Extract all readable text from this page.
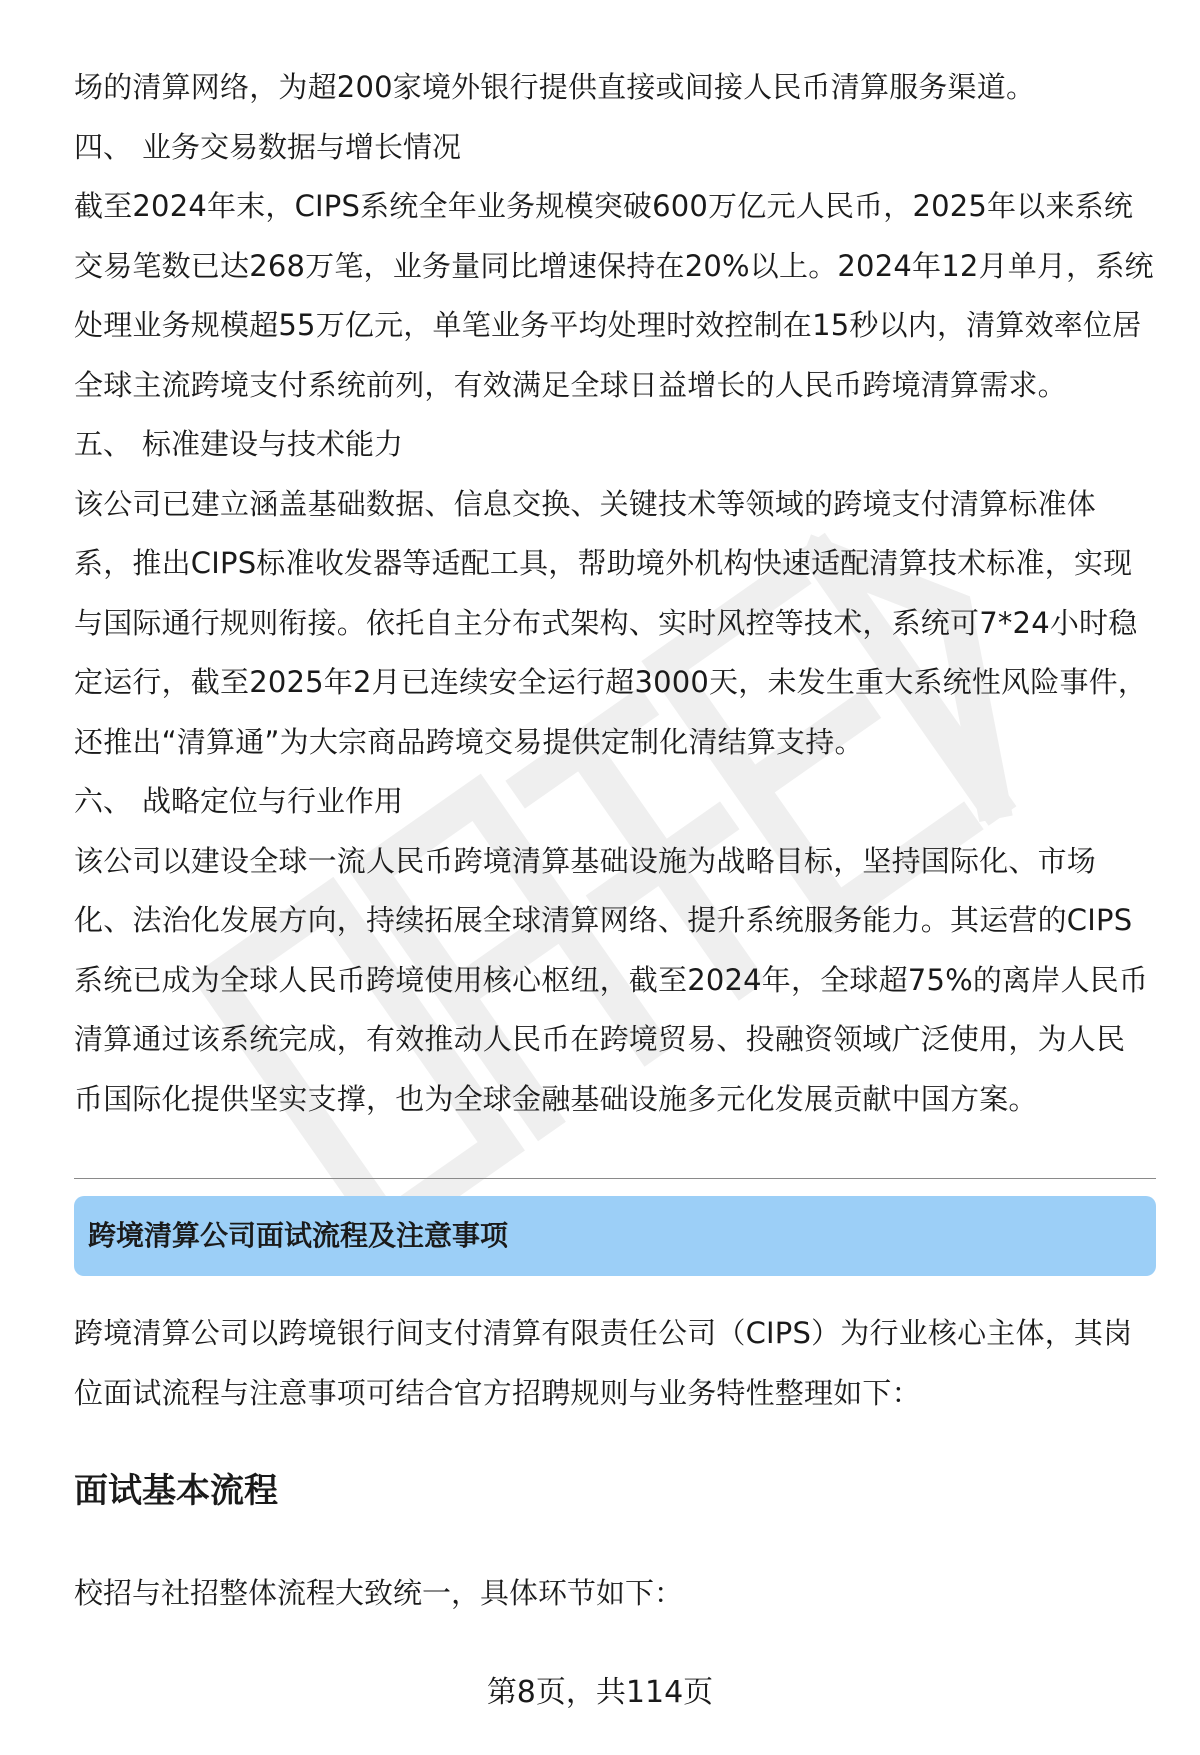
场的清算网络，为超200家境外银行提供直接或间接人民币清算服务渠道。
四、 业务交易数据与增长情况
截至2024年末，CIPS系统全年业务规模突破600万亿元人民币，2025年以来系统
交易笔数已达268万笔，业务量同比增速保持在20%以上。2024年12月单月，系统
处理业务规模超55万亿元，单笔业务平均处理时效控制在15秒以内，清算效率位居
全球主流跨境支付系统前列，有效满足全球日益增长的人民币跨境清算需求。
五、 标准建设与技术能力
该公司已建立涵盖基础数据、信息交换、关键技术等领域的跨境支付清算标准体
系，推出CIPS标准收发器等适配工具，帮助境外机构快速适配清算技术标准，实现
与国际通行规则衔接。依托自主分布式架构、实时风控等技术，系统可7*24小时稳
定运行，截至2025年2月已连续安全运行超3000天，未发生重大系统性风险事件，
还推出“清算通”为大宗商品跨境交易提供定制化清结算支持。
六、 战略定位与行业作用
该公司以建设全球一流人民币跨境清算基础设施为战略目标，坚持国际化、市场
化、法治化发展方向，持续拓展全球清算网络、提升系统服务能力。其运营的CIPS
系统已成为全球人民币跨境使用核心枢纽，截至2024年，全球超75%的离岸人民币
清算通过该系统完成，有效推动人民币在跨境贸易、投融资领域广泛使用，为人民
币国际化提供坚实支撑，也为全球金融基础设施多元化发展贡献中国方案。
跨境清算公司面试流程及注意事项
跨境清算公司以跨境银行间支付清算有限责任公司（CIPS）为行业核心主体，其岗
位面试流程与注意事项可结合官方招聘规则与业务特性整理如下：
面试基本流程
校招与社招整体流程大致统一，具体环节如下：
第8页，共114页
